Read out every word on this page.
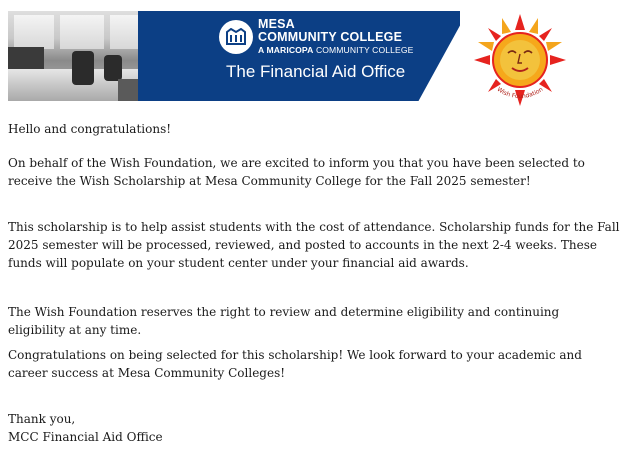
MESA
COMMUNITY COLLEGE
A MARICOPA COMMUNITY COLLEGE
The Financial Aid Office
Wish Foundation

Hello and congratulations!

On behalf of the Wish Foundation, we are excited to inform you that you have been selected to receive the Wish Scholarship at Mesa Community College for the Fall 2025 semester!

This scholarship is to help assist students with the cost of attendance. Scholarship funds for the Fall 2025 semester will be processed, reviewed, and posted to accounts in the next 2-4 weeks. These funds will populate on your student center under your financial aid awards.

The Wish Foundation reserves the right to review and determine eligibility and continuing eligibility at any time.

Congratulations on being selected for this scholarship! We look forward to your academic and career success at Mesa Community Colleges!

Thank you,

MCC Financial Aid Office
